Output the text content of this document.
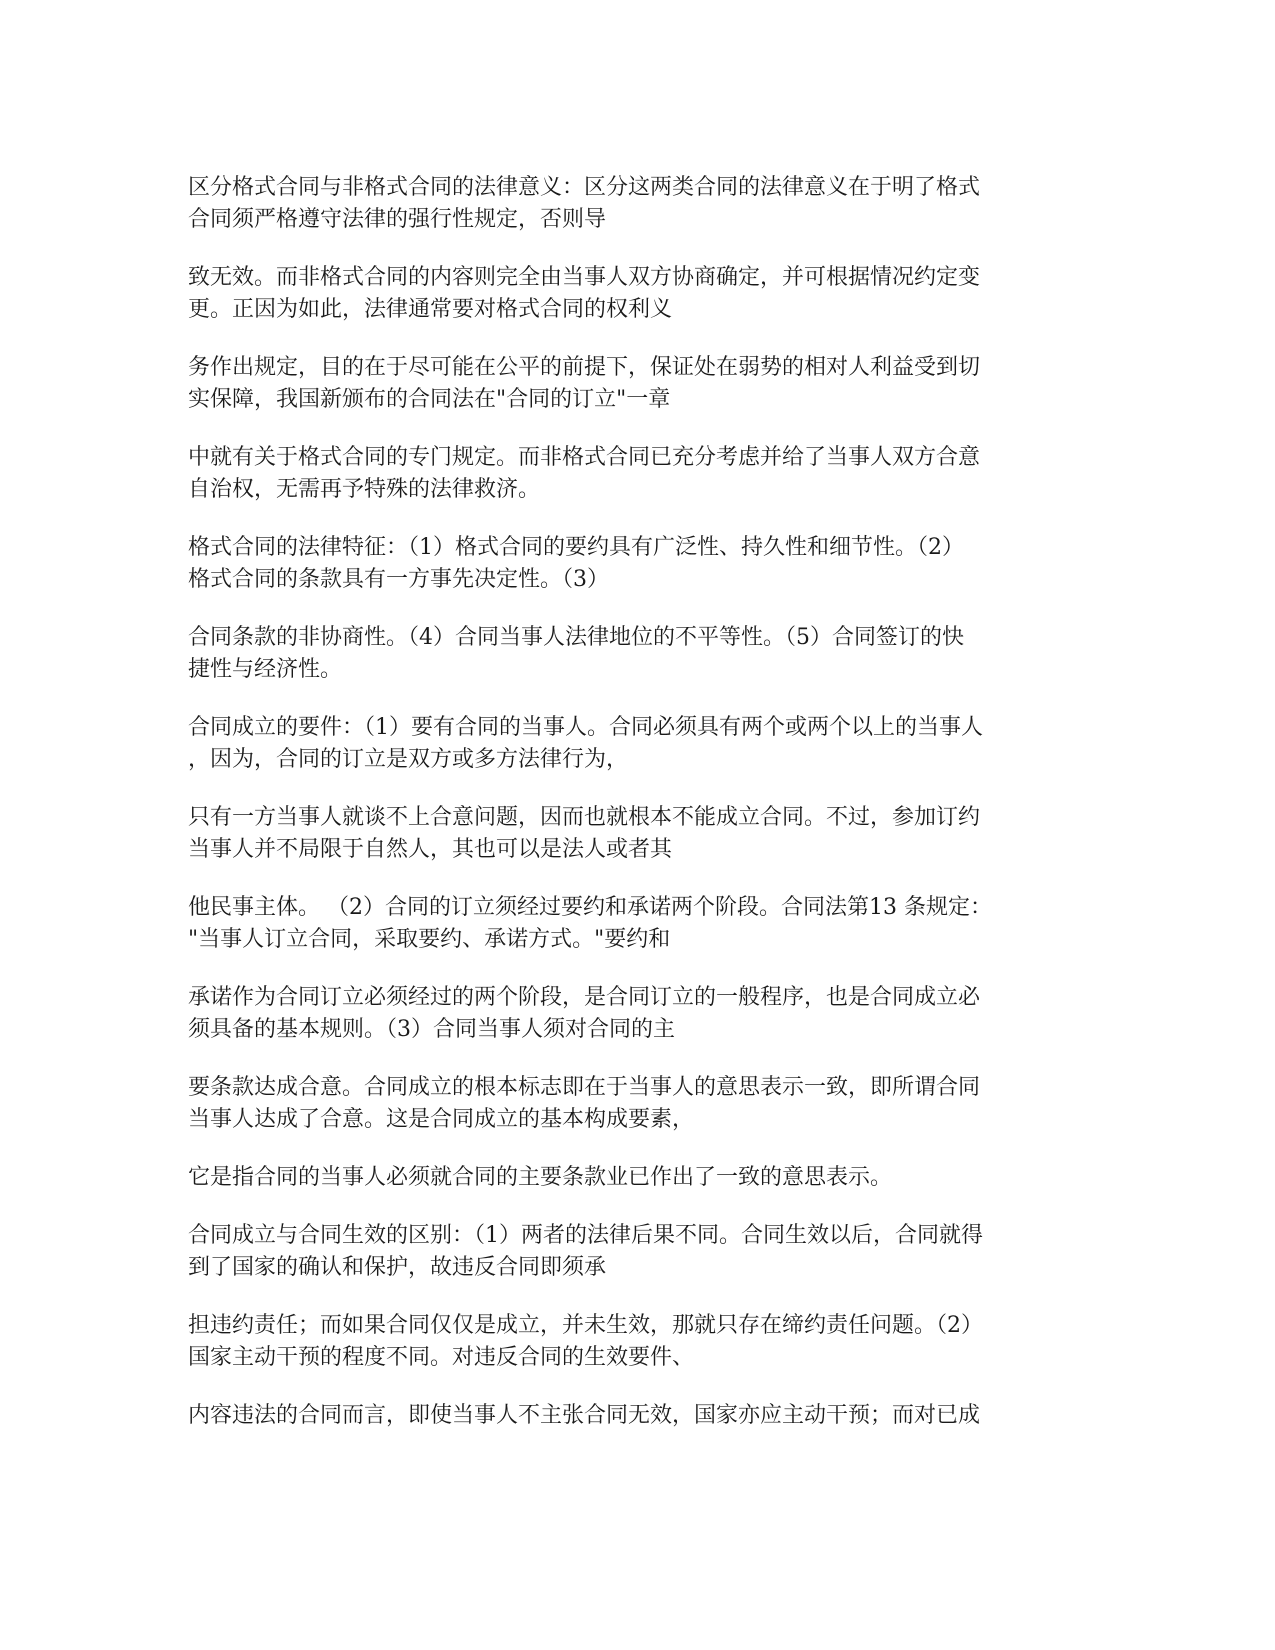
区分格式合同与非格式合同的法律意义：区分这两类合同的法律意义在于明了格式
合同须严格遵守法律的强行性规定，否则导

致无效。而非格式合同的内容则完全由当事人双方协商确定，并可根据情况约定变
更。正因为如此，法律通常要对格式合同的权利义

务作出规定，目的在于尽可能在公平的前提下，保证处在弱势的相对人利益受到切
实保障，我国新颁布的合同法在"合同的订立"一章

中就有关于格式合同的专门规定。而非格式合同已充分考虑并给了当事人双方合意
自治权，无需再予特殊的法律救济。

格式合同的法律特征：（1）格式合同的要约具有广泛性、持久性和细节性。（2）
格式合同的条款具有一方事先决定性。（3）

合同条款的非协商性。（4）合同当事人法律地位的不平等性。（5）合同签订的快
捷性与经济性。

合同成立的要件：（1）要有合同的当事人。合同必须具有两个或两个以上的当事人
，因为，合同的订立是双方或多方法律行为，

只有一方当事人就谈不上合意问题，因而也就根本不能成立合同。不过，参加订约
当事人并不局限于自然人，其也可以是法人或者其

他民事主体。 （2）合同的订立须经过要约和承诺两个阶段。合同法第13 条规定：
"当事人订立合同，采取要约、承诺方式。"要约和

承诺作为合同订立必须经过的两个阶段，是合同订立的一般程序，也是合同成立必
须具备的基本规则。（3）合同当事人须对合同的主

要条款达成合意。合同成立的根本标志即在于当事人的意思表示一致，即所谓合同
当事人达成了合意。这是合同成立的基本构成要素，

它是指合同的当事人必须就合同的主要条款业已作出了一致的意思表示。

合同成立与合同生效的区别：（1）两者的法律后果不同。合同生效以后，合同就得
到了国家的确认和保护，故违反合同即须承

担违约责任；而如果合同仅仅是成立，并未生效，那就只存在缔约责任问题。（2）
国家主动干预的程度不同。对违反合同的生效要件、

内容违法的合同而言，即使当事人不主张合同无效，国家亦应主动干预；而对已成
